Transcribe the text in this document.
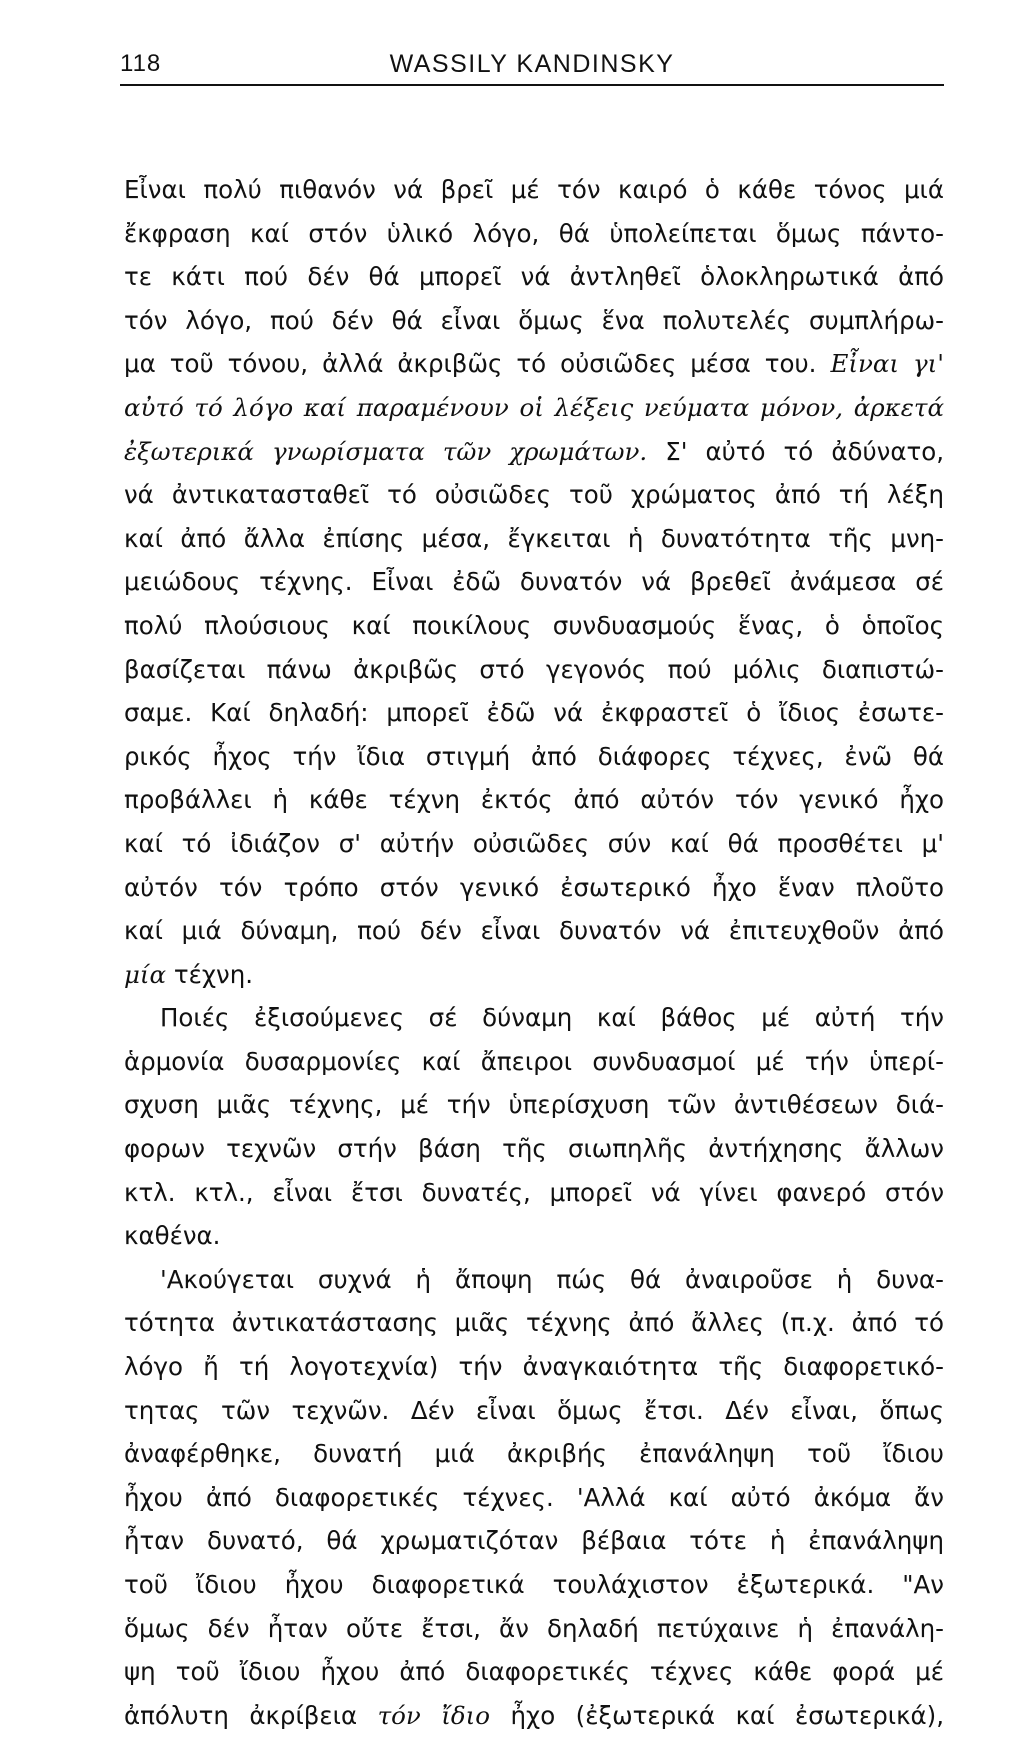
118	WASSILY KANDINSKY
Εἶναι πολύ πιθανόν νά βρεῖ μέ τόν καιρό ὁ κάθε τόνος μιά
ἔκφραση καί στόν ὑλικό λόγο, θά ὑπολείπεται ὅμως πάντο-
τε κάτι πού δέν θά μπορεῖ νά ἀντληθεῖ ὁλοκληρωτικά ἀπό
τόν λόγο, πού δέν θά εἶναι ὅμως ἕνα πολυτελές συμπλήρω-
μα τοῦ τόνου, ἀλλά ἀκριβῶς τό οὐσιῶδες μέσα του. Εἶναι γι'
αὐτό τό λόγο καί παραμένουν οἱ λέξεις νεύματα μόνον, ἀρκετά
ἐξωτερικά γνωρίσματα τῶν χρωμάτων. Σ' αὐτό τό ἀδύνατο,
νά ἀντικατασταθεῖ τό οὐσιῶδες τοῦ χρώματος ἀπό τή λέξη
καί ἀπό ἄλλα ἐπίσης μέσα, ἔγκειται ἡ δυνατότητα τῆς μνη-
μειώδους τέχνης. Εἶναι ἐδῶ δυνατόν νά βρεθεῖ ἀνάμεσα σέ
πολύ πλούσιους καί ποικίλους συνδυασμούς ἕνας, ὁ ὁποῖος
βασίζεται πάνω ἀκριβῶς στό γεγονός πού μόλις διαπιστώ-
σαμε. Καί δηλαδή: μπορεῖ ἐδῶ νά ἐκφραστεῖ ὁ ἴδιος ἐσωτε-
ρικός ἦχος τήν ἴδια στιγμή ἀπό διάφορες τέχνες, ἐνῶ θά
προβάλλει ἡ κάθε τέχνη ἐκτός ἀπό αὐτόν τόν γενικό ἦχο
καί τό ἰδιάζον σ' αὐτήν οὐσιῶδες σύν καί θά προσθέτει μ'
αὐτόν τόν τρόπο στόν γενικό ἐσωτερικό ἦχο ἕναν πλοῦτο
καί μιά δύναμη, πού δέν εἶναι δυνατόν νά ἐπιτευχθοῦν ἀπό
μία τέχνη.
Ποιές ἐξισούμενες σέ δύναμη καί βάθος μέ αὐτή τήν
ἁρμονία δυσαρμονίες καί ἄπειροι συνδυασμοί μέ τήν ὑπερί-
σχυση μιᾶς τέχνης, μέ τήν ὑπερίσχυση τῶν ἀντιθέσεων διά-
φορων τεχνῶν στήν βάση τῆς σιωπηλῆς ἀντήχησης ἄλλων
κτλ. κτλ., εἶναι ἔτσι δυνατές, μπορεῖ νά γίνει φανερό στόν
καθένα.
'Ακούγεται συχνά ἡ ἄποψη πώς θά ἀναιροῦσε ἡ δυνα-
τότητα ἀντικατάστασης μιᾶς τέχνης ἀπό ἄλλες (π.χ. ἀπό τό
λόγο ἤ τή λογοτεχνία) τήν ἀναγκαιότητα τῆς διαφορετικό-
τητας τῶν τεχνῶν. Δέν εἶναι ὅμως ἔτσι. Δέν εἶναι, ὅπως
ἀναφέρθηκε, δυνατή μιά ἀκριβής ἐπανάληψη τοῦ ἴδιου
ἦχου ἀπό διαφορετικές τέχνες. 'Αλλά καί αὐτό ἀκόμα ἄν
ἦταν δυνατό, θά χρωματιζόταν βέβαια τότε ἡ ἐπανάληψη
τοῦ ἴδιου ἦχου διαφορετικά τουλάχιστον ἐξωτερικά. "Αν
ὅμως δέν ἦταν οὔτε ἔτσι, ἄν δηλαδή πετύχαινε ἡ ἐπανάλη-
ψη τοῦ ἴδιου ἦχου ἀπό διαφορετικές τέχνες κάθε φορά μέ
ἀπόλυτη ἀκρίβεια τόν ἴδιο ἦχο (ἐξωτερικά καί ἐσωτερικά),
